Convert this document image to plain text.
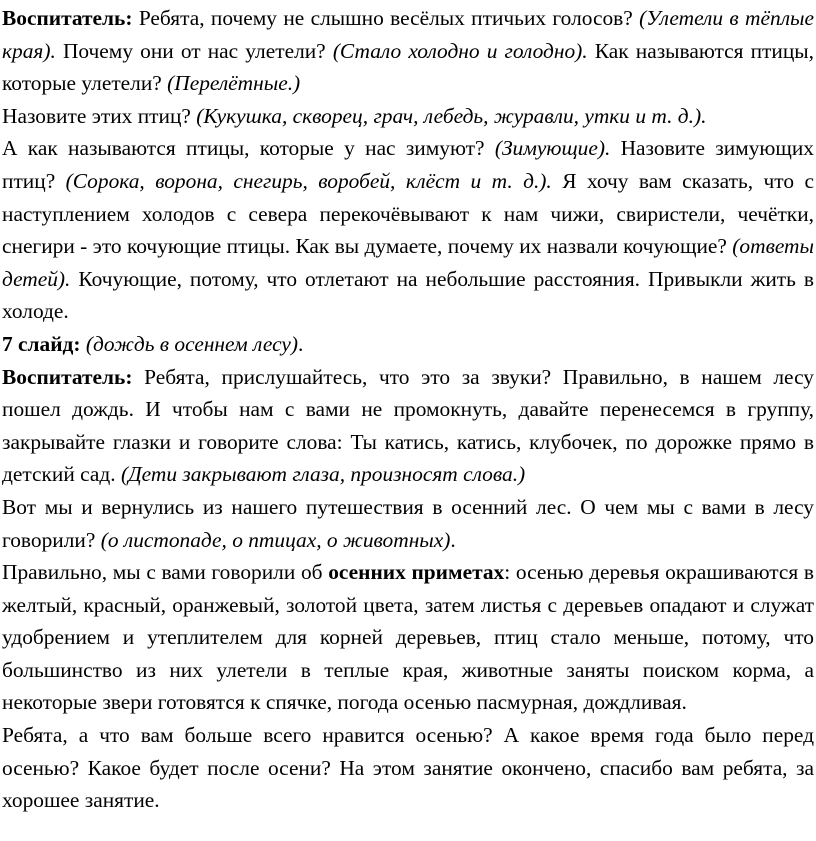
Воспитатель: Ребята, почему не слышно весёлых птичьих голосов? (Улетели в тёплые края). Почему они от нас улетели? (Стало холодно и голодно). Как называются птицы, которые улетели? (Перелётные.)

Назовите этих птиц? (Кукушка, скворец, грач, лебедь, журавли, утки и т. д.).

А как называются птицы, которые у нас зимуют? (Зимующие). Назовите зимующих птиц? (Сорока, ворона, снегирь, воробей, клёст и т. д.). Я хочу вам сказать, что с наступлением холодов с севера перекочёвывают к нам чижи, свиристели, чечётки, снегири - это кочующие птицы. Как вы думаете, почему их назвали кочующие? (ответы детей). Кочующие, потому, что отлетают на небольшие расстояния. Привыкли жить в холоде.

7 слайд: (дождь в осеннем лесу).

Воспитатель: Ребята, прислушайтесь, что это за звуки? Правильно, в нашем лесу пошел дождь. И чтобы нам с вами не промокнуть, давайте перенесемся в группу, закрывайте глазки и говорите слова: Ты катись, катись, клубочек, по дорожке прямо в детский сад. (Дети закрывают глаза, произносят слова.)

Вот мы и вернулись из нашего путешествия в осенний лес. О чем мы с вами в лесу говорили? (о листопаде, о птицах, о животных).

Правильно, мы с вами говорили об осенних приметах: осенью деревья окрашиваются в желтый, красный, оранжевый, золотой цвета, затем листья с деревьев опадают и служат удобрением и утеплителем для корней деревьев, птиц стало меньше, потому, что большинство из них улетели в теплые края, животные заняты поиском корма, а некоторые звери готовятся к спячке, погода осенью пасмурная, дождливая.

Ребята, а что вам больше всего нравится осенью? А какое время года было перед осенью? Какое будет после осени? На этом занятие окончено, спасибо вам ребята, за хорошее занятие.
